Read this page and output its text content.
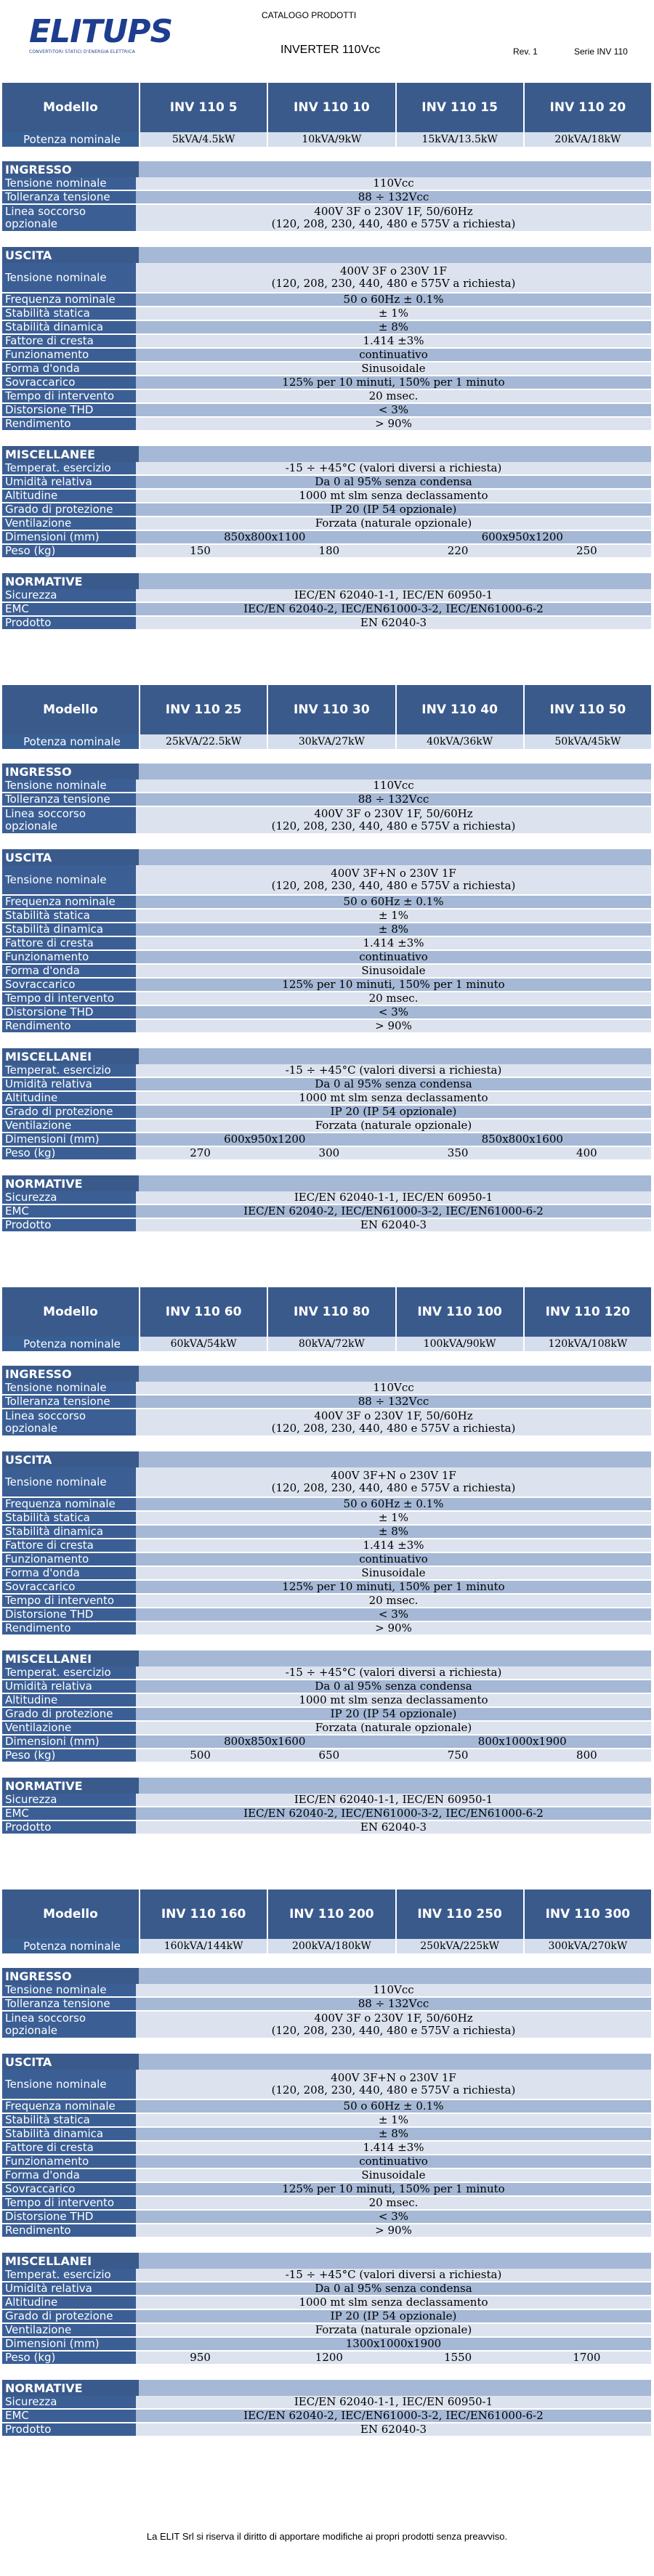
ELITUPS
CONVERTITORI STATICI D'ENERGIA ELETTRICA
CATALOGO PRODOTTI
INVERTER 110Vcc	Rev. 1	Serie INV 110
Modello	INV 110 5	INV 110 10	INV 110 15	INV 110 20
Potenza nominale	5kVA/4.5kW	10kVA/9kW	15kVA/13.5kW	20kVA/18kW
INGRESSO
Tensione nominale	110Vcc
Tolleranza tensione	88 ÷ 132Vcc
Linea soccorso opzionale
400V 3F o 230V 1F, 50/60Hz
(120, 208, 230, 440, 480 e 575V a richiesta)
USCITA
Tensione nominale	400V 3F o 230V 1F
(120, 208, 230, 440, 480 e 575V a richiesta)
Frequenza nominale	50 o 60Hz ± 0.1%
Stabilità statica	± 1%
Stabilità dinamica	± 8%
Fattore di cresta	1.414 ±3%
Funzionamento	continuativo
Forma d'onda	Sinusoidale
Sovraccarico	125% per 10 minuti, 150% per 1 minuto
Tempo di intervento	20 msec.
Distorsione THD	< 3%
Rendimento	> 90%
MISCELLANEE
Temperat. esercizio	-15 ÷ +45°C (valori diversi a richiesta)
Umidità relativa	Da 0 al 95% senza condensa
Altitudine	1000 mt slm senza declassamento
Grado di protezione	IP 20 (IP 54 opzionale)
Ventilazione	Forzata (naturale opzionale)
Dimensioni (mm)	850x800x1100	600x950x1200
Peso (kg)	150	180	220	250
NORMATIVE
Sicurezza	IEC/EN 62040-1-1, IEC/EN 60950-1
EMC	IEC/EN 62040-2, IEC/EN61000-3-2, IEC/EN61000-6-2
Prodotto	EN 62040-3
Modello	INV 110 25	INV 110 30	INV 110 40	INV 110 50
Potenza nominale	25kVA/22.5kW	30kVA/27kW	40kVA/36kW	50kVA/45kW
INGRESSO
Tensione nominale	110Vcc
Tolleranza tensione	88 ÷ 132Vcc
Linea soccorso opzionale
400V 3F o 230V 1F, 50/60Hz
(120, 208, 230, 440, 480 e 575V a richiesta)
USCITA
Tensione nominale	400V 3F+N o 230V 1F
(120, 208, 230, 440, 480 e 575V a richiesta)
Frequenza nominale	50 o 60Hz ± 0.1%
Stabilità statica	± 1%
Stabilità dinamica	± 8%
Fattore di cresta	1.414 ±3%
Funzionamento	continuativo
Forma d'onda	Sinusoidale
Sovraccarico	125% per 10 minuti, 150% per 1 minuto
Tempo di intervento	20 msec.
Distorsione THD	< 3%
Rendimento	> 90%
MISCELLANEI
Temperat. esercizio	-15 ÷ +45°C (valori diversi a richiesta)
Umidità relativa	Da 0 al 95% senza condensa
Altitudine	1000 mt slm senza declassamento
Grado di protezione	IP 20 (IP 54 opzionale)
Ventilazione	Forzata (naturale opzionale)
Dimensioni (mm)	600x950x1200	850x800x1600
Peso (kg)	270	300	350	400
NORMATIVE
Sicurezza	IEC/EN 62040-1-1, IEC/EN 60950-1
EMC	IEC/EN 62040-2, IEC/EN61000-3-2, IEC/EN61000-6-2
Prodotto	EN 62040-3
Modello	INV 110 60	INV 110 80	INV 110 100	INV 110 120
Potenza nominale	60kVA/54kW	80kVA/72kW	100kVA/90kW	120kVA/108kW
INGRESSO
Tensione nominale	110Vcc
Tolleranza tensione	88 ÷ 132Vcc
Linea soccorso opzionale
400V 3F o 230V 1F, 50/60Hz
(120, 208, 230, 440, 480 e 575V a richiesta)
USCITA
Tensione nominale	400V 3F+N o 230V 1F
(120, 208, 230, 440, 480 e 575V a richiesta)
Frequenza nominale	50 o 60Hz ± 0.1%
Stabilità statica	± 1%
Stabilità dinamica	± 8%
Fattore di cresta	1.414 ±3%
Funzionamento	continuativo
Forma d'onda	Sinusoidale
Sovraccarico	125% per 10 minuti, 150% per 1 minuto
Tempo di intervento	20 msec.
Distorsione THD	< 3%
Rendimento	> 90%
MISCELLANEI
Temperat. esercizio	-15 ÷ +45°C (valori diversi a richiesta)
Umidità relativa	Da 0 al 95% senza condensa
Altitudine	1000 mt slm senza declassamento
Grado di protezione	IP 20 (IP 54 opzionale)
Ventilazione	Forzata (naturale opzionale)
Dimensioni (mm)	800x850x1600	800x1000x1900
Peso (kg)	500	650	750	800
NORMATIVE
Sicurezza	IEC/EN 62040-1-1, IEC/EN 60950-1
EMC	IEC/EN 62040-2, IEC/EN61000-3-2, IEC/EN61000-6-2
Prodotto	EN 62040-3
Modello	INV 110 160	INV 110 200	INV 110 250	INV 110 300
Potenza nominale	160kVA/144kW	200kVA/180kW	250kVA/225kW	300kVA/270kW
INGRESSO
Tensione nominale	110Vcc
Tolleranza tensione	88 ÷ 132Vcc
Linea soccorso opzionale
400V 3F o 230V 1F, 50/60Hz
(120, 208, 230, 440, 480 e 575V a richiesta)
USCITA
Tensione nominale	400V 3F+N o 230V 1F
(120, 208, 230, 440, 480 e 575V a richiesta)
Frequenza nominale	50 o 60Hz ± 0.1%
Stabilità statica	± 1%
Stabilità dinamica	± 8%
Fattore di cresta	1.414 ±3%
Funzionamento	continuativo
Forma d'onda	Sinusoidale
Sovraccarico	125% per 10 minuti, 150% per 1 minuto
Tempo di intervento	20 msec.
Distorsione THD	< 3%
Rendimento	> 90%
MISCELLANEI
Temperat. esercizio	-15 ÷ +45°C (valori diversi a richiesta)
Umidità relativa	Da 0 al 95% senza condensa
Altitudine	1000 mt slm senza declassamento
Grado di protezione	IP 20 (IP 54 opzionale)
Ventilazione	Forzata (naturale opzionale)
Dimensioni (mm)	1300x1000x1900
Peso (kg)	950	1200	1550	1700
NORMATIVE
Sicurezza	IEC/EN 62040-1-1, IEC/EN 60950-1
EMC	IEC/EN 62040-2, IEC/EN61000-3-2, IEC/EN61000-6-2
Prodotto	EN 62040-3
La ELIT Srl si riserva il diritto di apportare modifiche ai propri prodotti senza preavviso.
